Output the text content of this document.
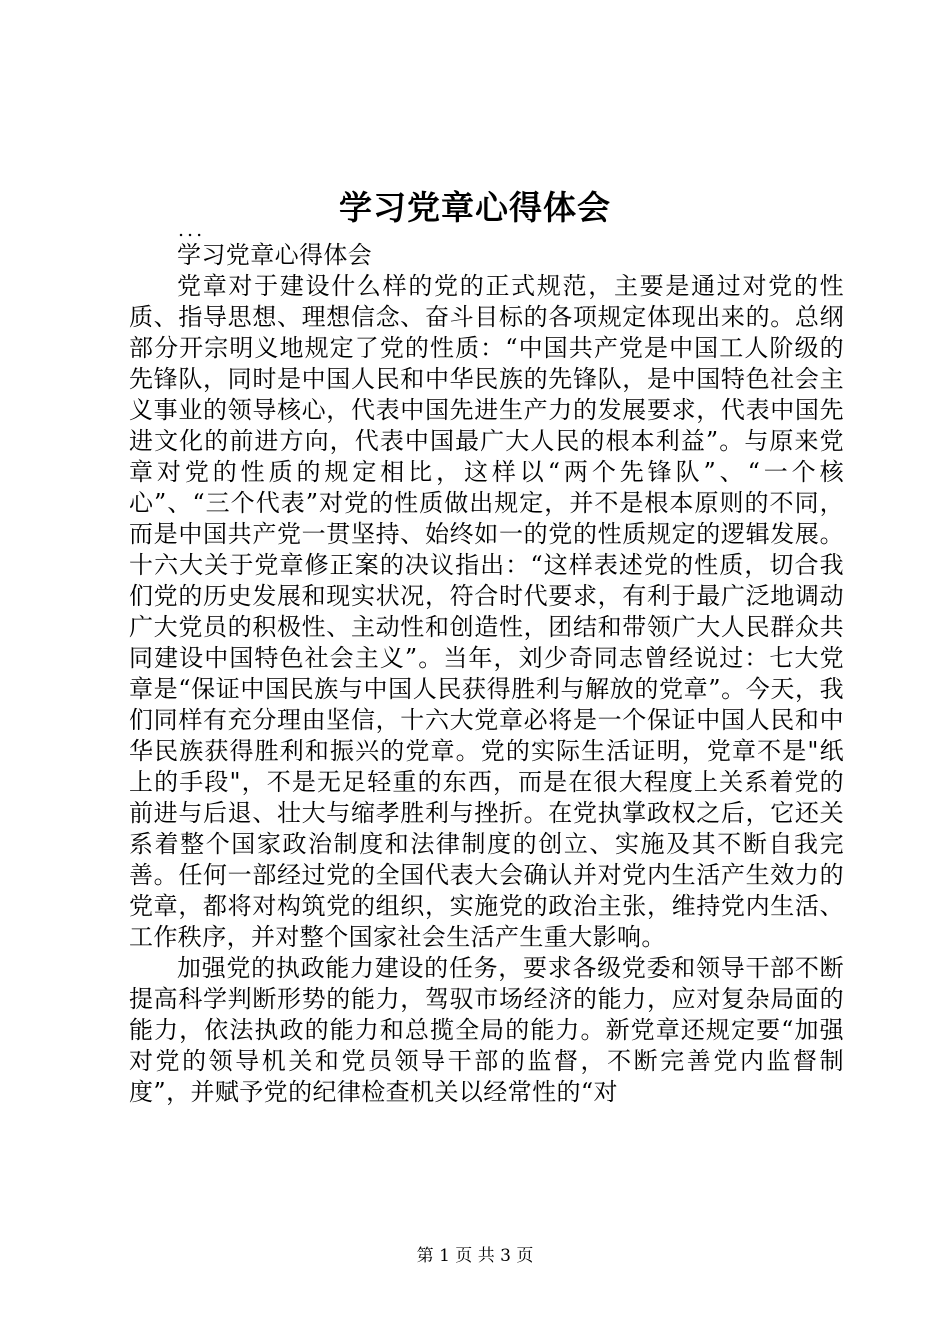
学习党章心得体会
...

学习党章心得体会

党章对于建设什么样的党的正式规范，主要是通过对党的性质、指导思想、理想信念、奋斗目标的各项规定体现出来的。总纲部分开宗明义地规定了党的性质：“中国共产党是中国工人阶级的先锋队，同时是中国人民和中华民族的先锋队，是中国特色社会主义事业的领导核心，代表中国先进生产力的发展要求，代表中国先进文化的前进方向，代表中国最广大人民的根本利益”。与原来党章对党的性质的规定相比，这样以“两个先锋队”、“一个核心”、“三个代表”对党的性质做出规定，并不是根本原则的不同，而是中国共产党一贯坚持、始终如一的党的性质规定的逻辑发展。十六大关于党章修正案的决议指出：“这样表述党的性质，切合我们党的历史发展和现实状况，符合时代要求，有利于最广泛地调动广大党员的积极性、主动性和创造性，团结和带领广大人民群众共同建设中国特色社会主义”。当年，刘少奇同志曾经说过：七大党章是“保证中国民族与中国人民获得胜利与解放的党章”。今天，我们同样有充分理由坚信，十六大党章必将是一个保证中国人民和中华民族获得胜利和振兴的党章。党的实际生活证明，党章不是"纸上的手段"，不是无足轻重的东西，而是在很大程度上关系着党的前进与后退、壮大与缩孝胜利与挫折。在党执掌政权之后，它还关系着整个国家政治制度和法律制度的创立、实施及其不断自我完善。任何一部经过党的全国代表大会确认并对党内生活产生效力的党章，都将对构筑党的组织，实施党的政治主张，维持党内生活、工作秩序，并对整个国家社会生活产生重大影响。

加强党的执政能力建设的任务，要求各级党委和领导干部不断提高科学判断形势的能力，驾驭市场经济的能力，应对复杂局面的能力，依法执政的能力和总揽全局的能力。新党章还规定要“加强对党的领导机关和党员领导干部的监督，不断完善党内监督制度”，并赋予党的纪律检查机关以经常性的“对

第 1 页 共 3 页
